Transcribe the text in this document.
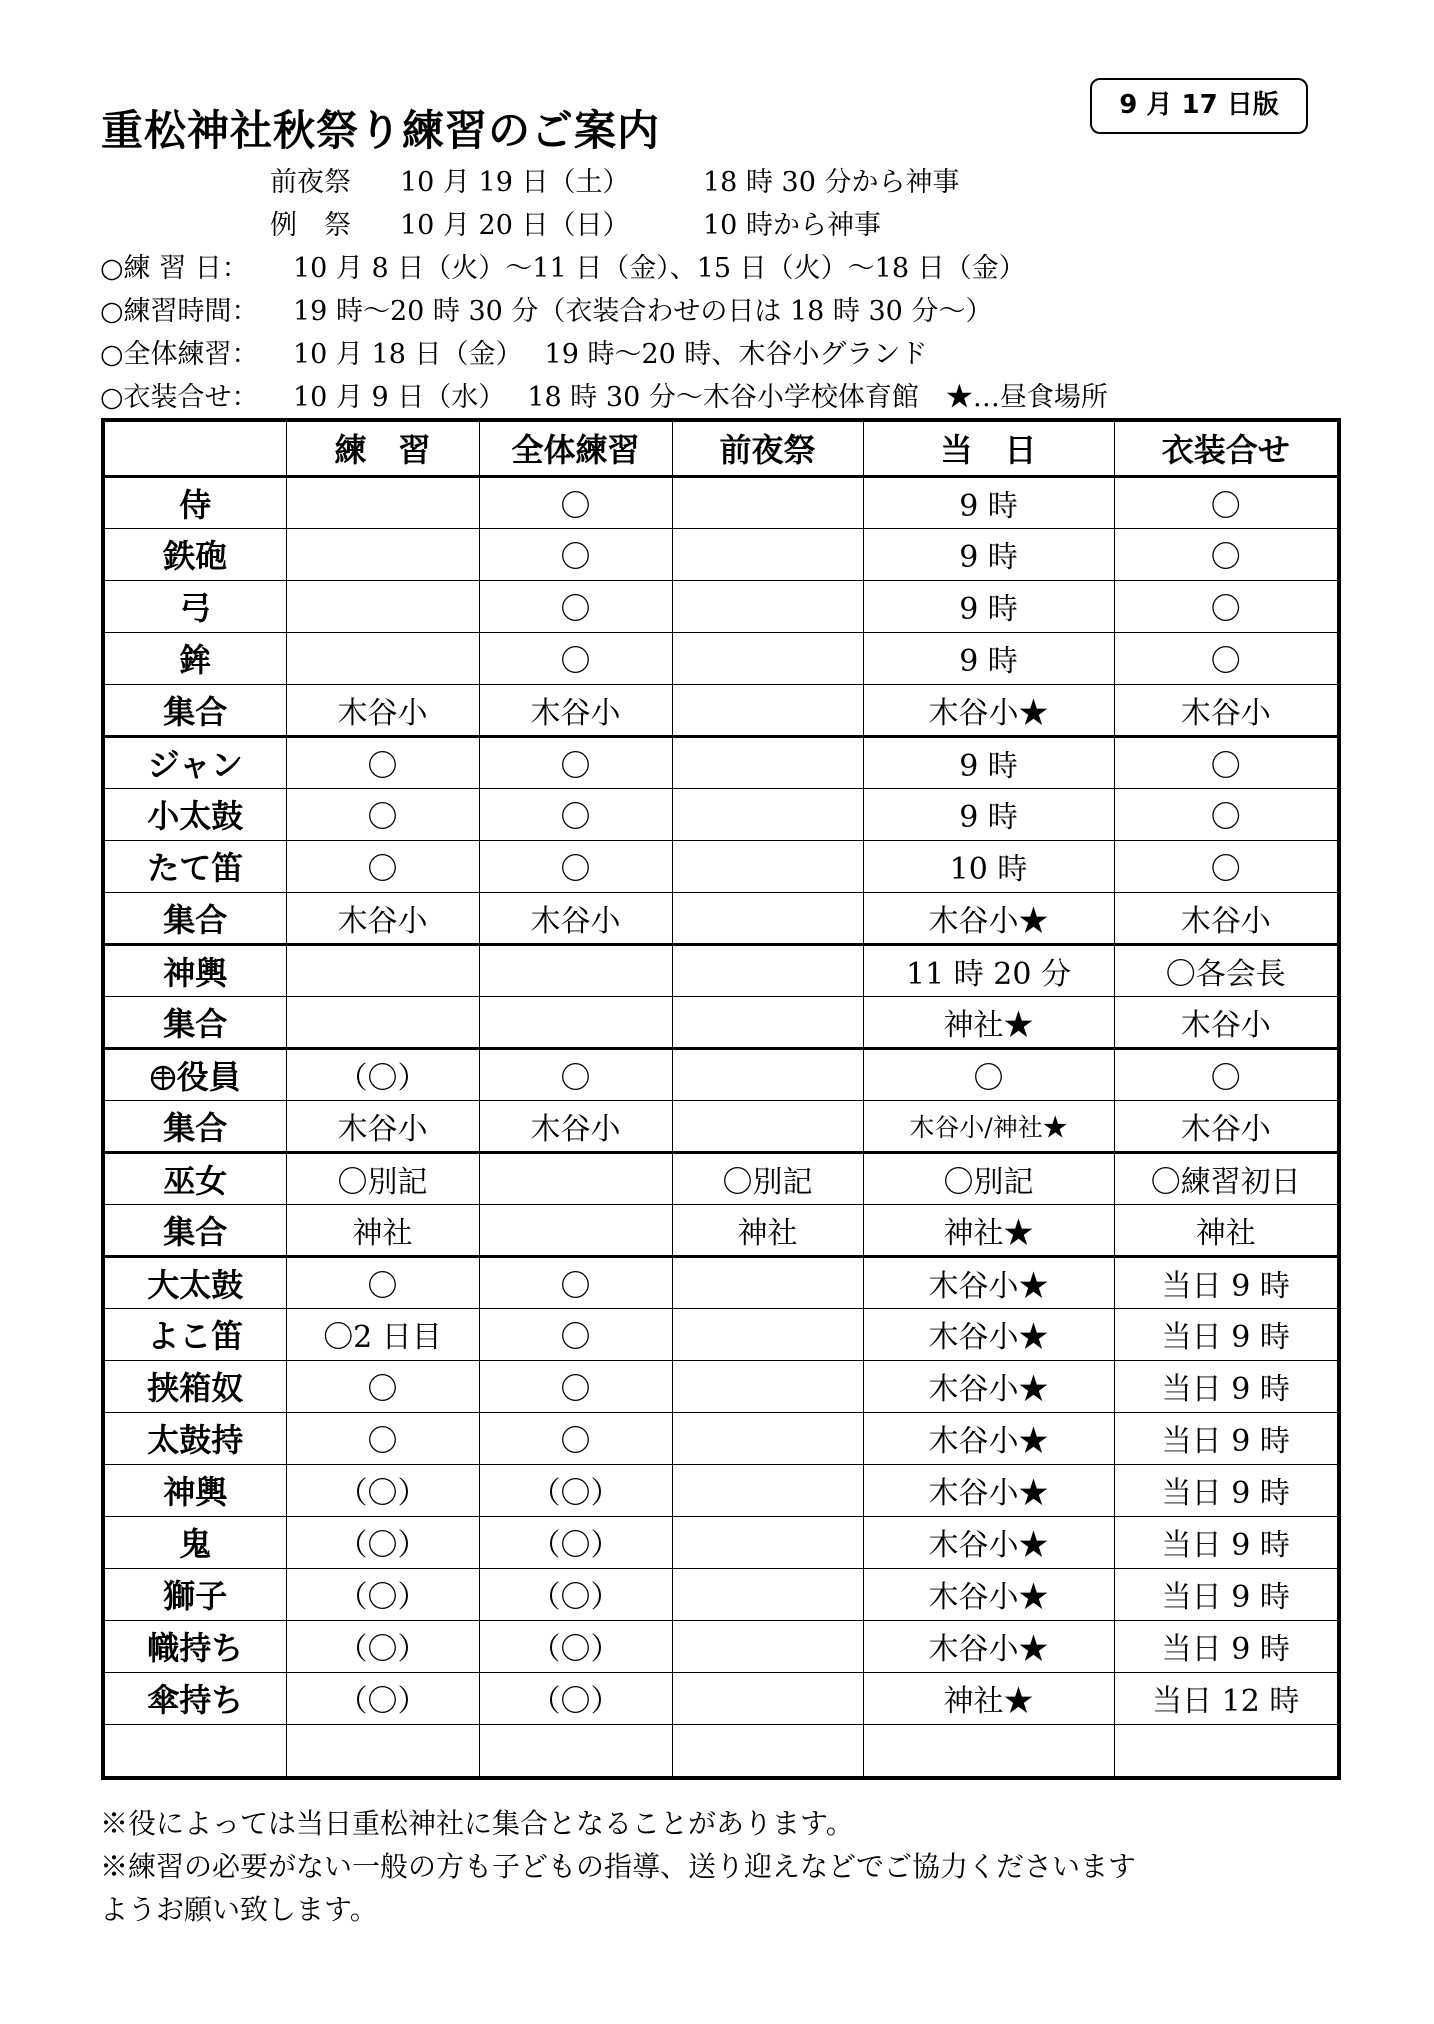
重松神社秋祭り練習のご案内
9 月 17 日版
前夜祭 10 月 19 日（土）	18 時 30 分から神事
例　祭 10 月 20 日（日）	10 時から神事
○練 習 日： 10 月 8 日（火）～11 日（金）、15 日（火）～18 日（金）
○練習時間： 19 時～20 時 30 分（衣装合わせの日は 18 時 30 分～）
○全体練習： 10 月 18 日（金）　 19 時～20 時、木谷小グランド
○衣装合せ： 10 月 9 日（水）　 18 時 30 分～木谷小学校体育館　★…昼食場所
	練　習	全体練習	前夜祭	当　日	衣装合せ
侍		〇		9 時	〇
鉄砲		〇		9 時	〇
弓		〇		9 時	〇
鉾		〇		9 時	〇
集合	木谷小	木谷小		木谷小★	木谷小
ジャン	〇	〇		9 時	〇
小太鼓	〇	〇		9 時	〇
たて笛	〇	〇		10 時	〇
集合	木谷小	木谷小		木谷小★	木谷小
神輿				11 時 20 分	〇各会長
集合				神社★	木谷小
役員	（〇）	〇		〇	〇
集合	木谷小	木谷小		木谷小/神社★	木谷小
巫女	〇別記		〇別記	〇別記	〇練習初日
集合	神社		神社	神社★	神社
大太鼓	〇	〇		木谷小★	当日 9 時
よこ笛	〇2 日目	〇		木谷小★	当日 9 時
挟箱奴	〇	〇		木谷小★	当日 9 時
太鼓持	〇	〇		木谷小★	当日 9 時
神輿	（〇）	（〇）		木谷小★	当日 9 時
鬼	（〇）	（〇）		木谷小★	当日 9 時
獅子	（〇）	（〇）		木谷小★	当日 9 時
幟持ち	（〇）	（〇）		木谷小★	当日 9 時
傘持ち	（〇）	（〇）		神社★	当日 12 時

※役によっては当日重松神社に集合となることがあります。
※練習の必要がない一般の方も子どもの指導、送り迎えなどでご協力くださいます
ようお願い致します。
